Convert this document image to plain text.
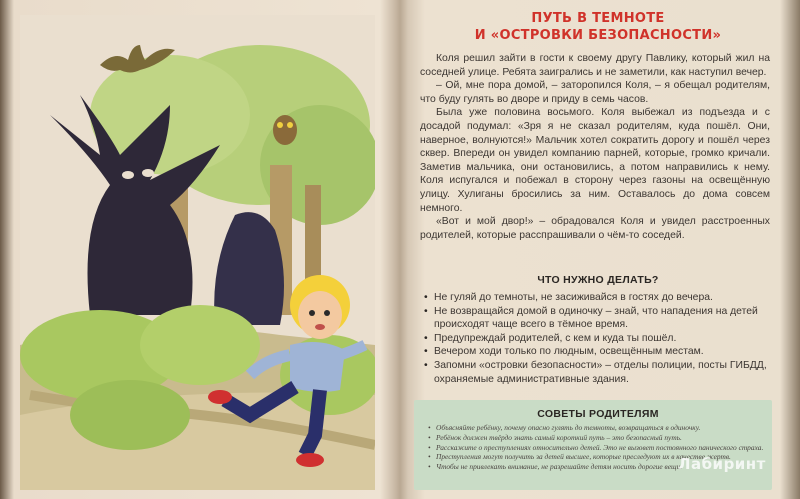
ПУТЬ В ТЕМНОТЕ
И «ОСТРОВКИ БЕЗОПАСНОСТИ»

Коля решил зайти в гости к своему другу Павлику, который жил на соседней улице. Ребята заигрались и не заметили, как наступил вечер.

– Ой, мне пора домой, – заторопился Коля, – я обещал родителям, что буду гулять во дворе и приду в семь часов.

Была уже половина восьмого. Коля выбежал из подъезда и с досадой подумал: «Зря я не сказал родителям, куда пошёл. Они, наверное, волнуются!» Мальчик хотел сократить дорогу и пошёл через сквер. Впереди он увидел компанию парней, которые, громко кричали. Заметив мальчика, они остановились, а потом направились к нему. Коля испугался и побежал в сторону через газоны на освещённую улицу. Хулиганы бросились за ним. Оставалось до дома совсем немного.

«Вот и мой двор!» – обрадовался Коля и увидел расстроенных родителей, которые расспрашивали о чём-то соседей.

ЧТО НУЖНО ДЕЛАТЬ?
• Не гуляй до темноты, не засиживайся в гостях до вечера.
• Не возвращайся домой в одиночку – знай, что нападения на детей происходят чаще всего в тёмное время.
• Предупреждай родителей, с кем и куда ты пошёл.
• Вечером ходи только по людным, освещённым местам.
• Запомни «островки безопасности» – отделы полиции, посты ГИБДД, охраняемые административные здания.
СОВЕТЫ РОДИТЕЛЯМ
• Объясняйте ребёнку, почему опасно гулять до темноты, возвращаться в одиночку.
• Ребёнок должен твёрдо знать самый короткий путь – это безопасный путь.
• Расскажите о преступлениях относительно детей. Это не вызовет постоянного панического страха.
• Преступления могут получить за детей высшее, которые преследуют их в качестве жертв.
• Чтобы не привлекать внимание, не разрешайте детям носить дорогие вещи.
Лабиринт
